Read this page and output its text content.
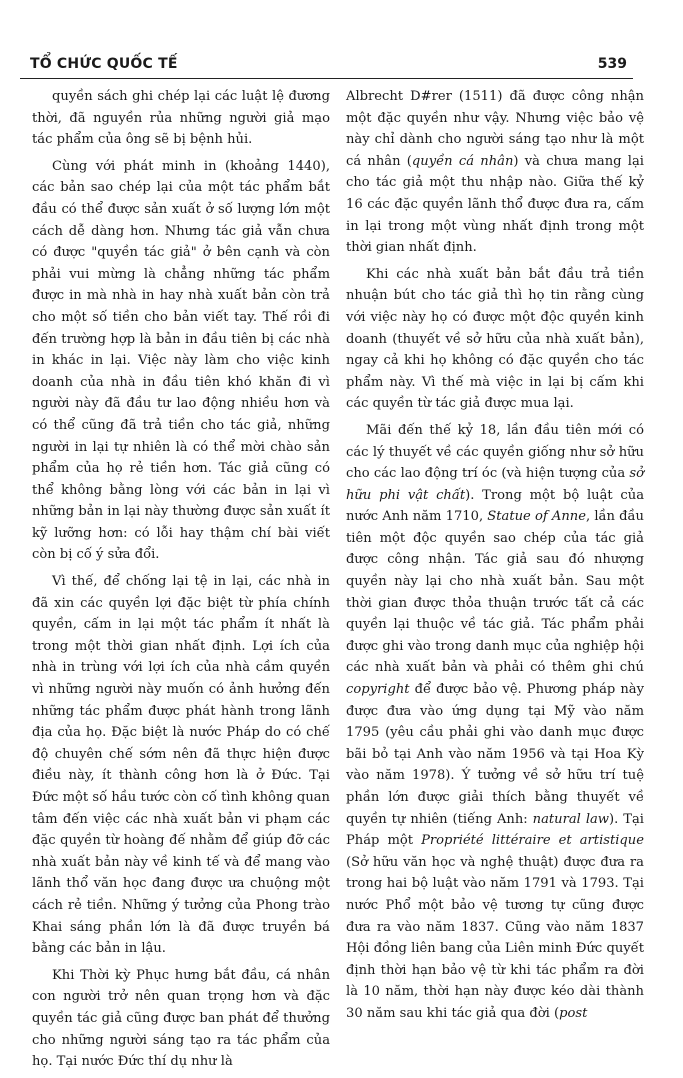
TỔ CHỨC QUỐC TẾ	539

quyền sách ghi chép lại các luật lệ đương thời, đã nguyền rủa những người giả mạo tác phẩm của ông sẽ bị bệnh hủi.

Cùng với phát minh in (khoảng 1440), các bản sao chép lại của một tác phẩm bắt đầu có thể được sản xuất ở số lượng lớn một cách dễ dàng hơn. Nhưng tác giả vẫn chưa có được "quyền tác giả" ở bên cạnh và còn phải vui mừng là chẳng những tác phẩm được in mà nhà in hay nhà xuất bản còn trả cho một số tiền cho bản viết tay. Thế rồi đi đến trường hợp là bản in đầu tiên bị các nhà in khác in lại. Việc này làm cho việc kinh doanh của nhà in đầu tiên khó khăn đi vì người này đã đầu tư lao động nhiều hơn và có thể cũng đã trả tiền cho tác giả, những người in lại tự nhiên là có thể mời chào sản phẩm của họ rẻ tiền hơn. Tác giả cũng có thể không bằng lòng với các bản in lại vì những bản in lại này thường được sản xuất ít kỹ lưỡng hơn: có lỗi hay thậm chí bài viết còn bị cố ý sửa đổi.

Vì thế, để chống lại tệ in lại, các nhà in đã xin các quyền lợi đặc biệt từ phía chính quyền, cấm in lại một tác phẩm ít nhất là trong một thời gian nhất định. Lợi ích của nhà in trùng với lợi ích của nhà cầm quyền vì những người này muốn có ảnh hưởng đến những tác phẩm được phát hành trong lãnh địa của họ. Đặc biệt là nước Pháp do có chế độ chuyên chế sớm nên đã thực hiện được điều này, ít thành công hơn là ở Đức. Tại Đức một số hầu tước còn cố tình không quan tâm đến việc các nhà xuất bản vi phạm các đặc quyền từ hoàng đế nhằm để giúp đỡ các nhà xuất bản này về kinh tế và để mang vào lãnh thổ văn học đang được ưa chuộng một cách rẻ tiền. Những ý tưởng của Phong trào Khai sáng phần lớn là đã được truyền bá bằng các bản in lậu.

Khi Thời kỳ Phục hưng bắt đầu, cá nhân con người trở nên quan trọng hơn và đặc quyền tác giả cũng được ban phát để thưởng cho những người sáng tạo ra tác phẩm của họ. Tại nước Đức thí dụ như là

Albrecht D#rer (1511) đã được công nhận một đặc quyền như vậy. Nhưng việc bảo vệ này chỉ dành cho người sáng tạo như là một cá nhân (quyền cá nhân) và chưa mang lại cho tác giả một thu nhập nào. Giữa thế kỷ 16 các đặc quyền lãnh thổ được đưa ra, cấm in lại trong một vùng nhất định trong một thời gian nhất định.

Khi các nhà xuất bản bắt đầu trả tiền nhuận bút cho tác giả thì họ tin rằng cùng với việc này họ có được một độc quyền kinh doanh (thuyết về sở hữu của nhà xuất bản), ngay cả khi họ không có đặc quyền cho tác phẩm này. Vì thế mà việc in lại bị cấm khi các quyền từ tác giả được mua lại.

Mãi đến thế kỷ 18, lần đầu tiên mới có các lý thuyết về các quyền giống như sở hữu cho các lao động trí óc (và hiện tượng của sở hữu phi vật chất). Trong một bộ luật của nước Anh năm 1710, Statue of Anne, lần đầu tiên một độc quyền sao chép của tác giả được công nhận. Tác giả sau đó nhượng quyền này lại cho nhà xuất bản. Sau một thời gian được thỏa thuận trước tất cả các quyền lại thuộc về tác giả. Tác phẩm phải được ghi vào trong danh mục của nghiệp hội các nhà xuất bản và phải có thêm ghi chú copyright để được bảo vệ. Phương pháp này được đưa vào ứng dụng tại Mỹ vào năm 1795 (yêu cầu phải ghi vào danh mục được bãi bỏ tại Anh vào năm 1956 và tại Hoa Kỳ vào năm 1978). Ý tưởng về sở hữu trí tuệ phần lớn được giải thích bằng thuyết về quyền tự nhiên (tiếng Anh: natural law). Tại Pháp một Propriété littéraire et artistique (Sở hữu văn học và nghệ thuật) được đưa ra trong hai bộ luật vào năm 1791 và 1793. Tại nước Phổ một bảo vệ tương tự cũng được đưa ra vào năm 1837. Cũng vào năm 1837 Hội đồng liên bang của Liên minh Đức quyết định thời hạn bảo vệ từ khi tác phẩm ra đời là 10 năm, thời hạn này được kéo dài thành 30 năm sau khi tác giả qua đời (post
